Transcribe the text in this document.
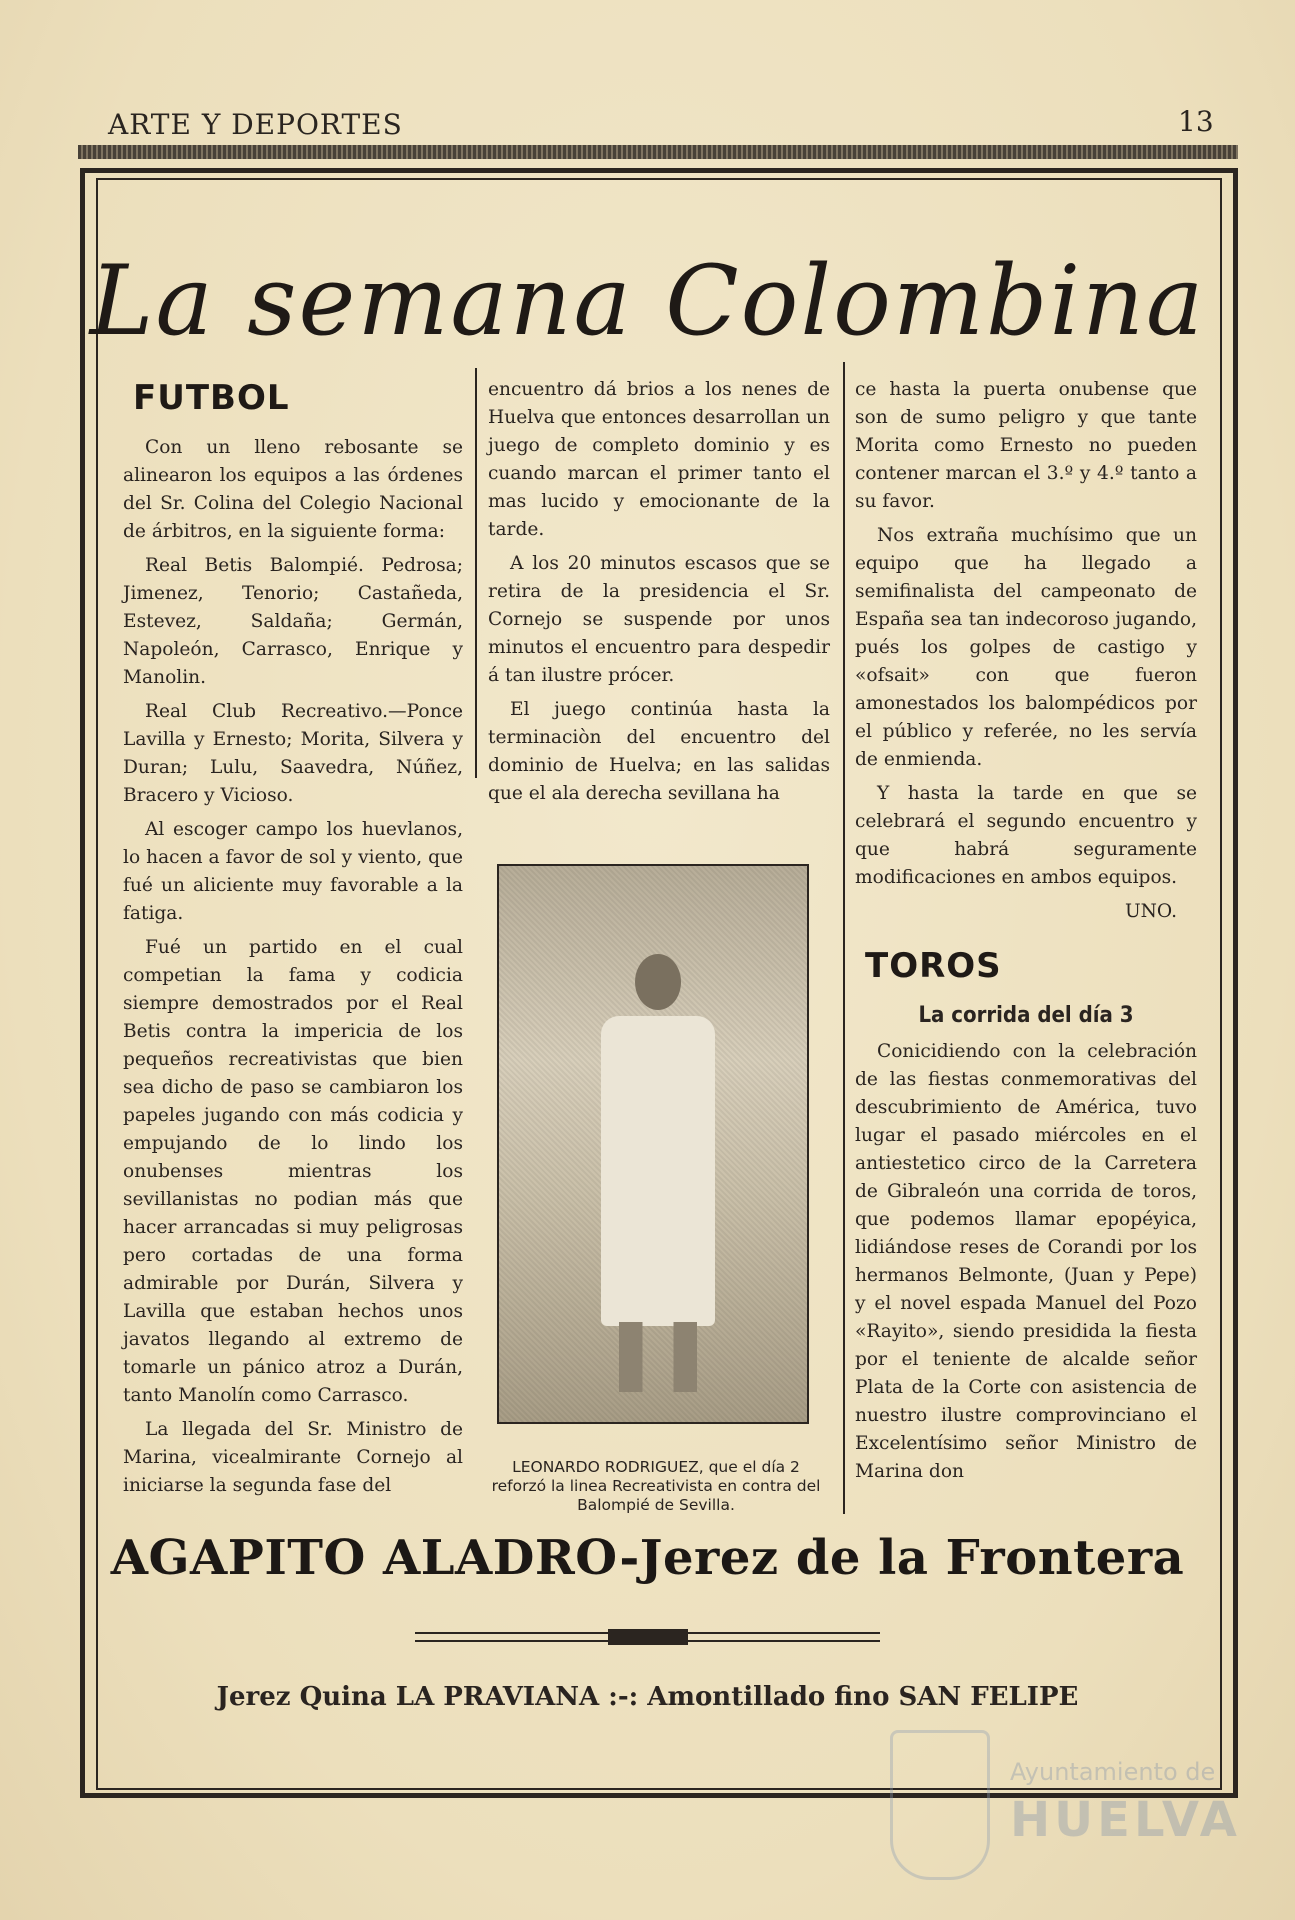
ARTE Y DEPORTES	13
La semana Colombina
FUTBOL

Con un lleno rebosante se alinearon los equipos a las órdenes del Sr. Colina del Colegio Nacional de árbitros, en la siguiente forma:

Real Betis Balompié. Pedrosa; Jimenez, Tenorio; Castañeda, Estevez, Saldaña; Germán, Napoleón, Carrasco, Enrique y Manolin.

Real Club Recreativo.—Ponce Lavilla y Ernesto; Morita, Silvera y Duran; Lulu, Saavedra, Núñez, Bracero y Vicioso.

Al escoger campo los huevlanos, lo hacen a favor de sol y viento, que fué un aliciente muy favorable a la fatiga.

Fué un partido en el cual competian la fama y codicia siempre demostrados por el Real Betis contra la impericia de los pequeños recreativistas que bien sea dicho de paso se cambiaron los papeles jugando con más codicia y empujando de lo lindo los onubenses mientras los sevillanistas no podian más que hacer arrancadas si muy peligrosas pero cortadas de una forma admirable por Durán, Silvera y Lavilla que estaban hechos unos javatos llegando al extremo de tomarle un pánico atroz a Durán, tanto Manolín como Carrasco.

La llegada del Sr. Ministro de Marina, vicealmirante Cornejo al iniciarse la segunda fase del

encuentro dá brios a los nenes de Huelva que entonces desarrollan un juego de completo dominio y es cuando marcan el primer tanto el mas lucido y emocionante de la tarde.

A los 20 minutos escasos que se retira de la presidencia el Sr. Cornejo se suspende por unos minutos el encuentro para despedir á tan ilustre prócer.

El juego continúa hasta la terminaciòn del encuentro del dominio de Huelva; en las salidas que el ala derecha sevillana ha

LEONARDO RODRIGUEZ, que el día 2 reforzó la linea Recreativista en contra del Balompié de Sevilla.

ce hasta la puerta onubense que son de sumo peligro y que tante Morita como Ernesto no pueden contener marcan el 3.º y 4.º tanto a su favor.

Nos extraña muchísimo que un equipo que ha llegado a semifinalista del campeonato de España sea tan indecoroso jugando, pués los golpes de castigo y «ofsait» con que fueron amonestados los balompédicos por el público y referée, no les servía de enmienda.

Y hasta la tarde en que se celebrará el segundo encuentro y que habrá seguramente modificaciones en ambos equipos.

UNO.

TOROS
La corrida del día 3

Conicidiendo con la celebración de las fiestas conmemorativas del descubrimiento de América, tuvo lugar el pasado miércoles en el antiestetico circo de la Carretera de Gibraleón una corrida de toros, que podemos llamar epopéyica, lidiándose reses de Corandi por los hermanos Belmonte, (Juan y Pepe) y el novel espada Manuel del Pozo «Rayito», siendo presidida la fiesta por el teniente de alcalde señor Plata de la Corte con asistencia de nuestro ilustre comprovinciano el Excelentísimo señor Ministro de Marina don

AGAPITO ALADRO-Jerez de la Frontera
Jerez Quina LA PRAVIANA :-: Amontillado fino SAN FELIPE
Ayuntamiento de
HUELVA
